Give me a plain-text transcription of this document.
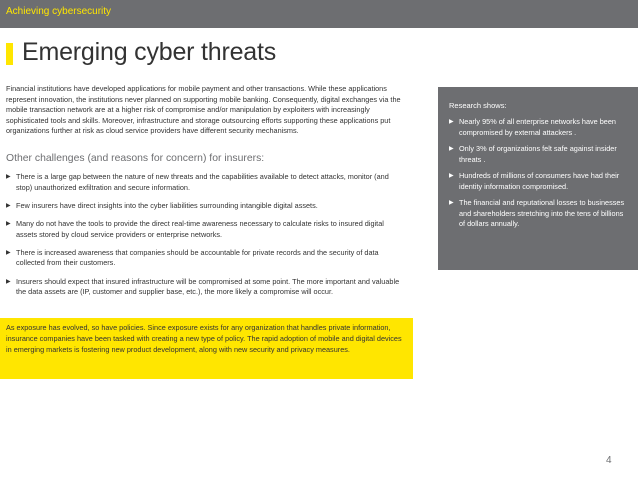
Achieving cybersecurity
Emerging cyber threats

Financial institutions have developed applications for mobile payment and other transactions. While these applications represent innovation, the institutions never planned on supporting mobile banking. Consequently, digital exchanges via the mobile transaction network are at a higher risk of compromise and/or manipulation by exploiters with increasingly sophisticated tools and skills. Moreover, infrastructure and storage outsourcing efforts supporting these applications put organizations further at risk as cloud service providers have different security mechanisms.

Other challenges (and reasons for concern) for insurers:
▶ There is a large gap between the nature of new threats and the capabilities available to detect attacks, monitor (and stop) unauthorized exfiltration and secure information.
▶ Few insurers have direct insights into the cyber liabilities surrounding intangible digital assets.
▶ Many do not have the tools to provide the direct real-time awareness necessary to calculate risks to insured digital assets stored by cloud service providers or enterprise networks.
▶ There is increased awareness that companies should be accountable for private records and the security of data collected from their customers.
▶ Insurers should expect that insured infrastructure will be compromised at some point. The more important and valuable the data assets are (IP, customer and supplier base, etc.), the more likely a compromise will occur.

As exposure has evolved, so have policies. Since exposure exists for any organization that handles private information, insurance companies have been tasked with creating a new type of policy. The rapid adoption of mobile and digital devices in emerging markets is fostering new product development, along with new security and privacy measures.

Research shows:
▶ Nearly 95% of all enterprise networks have been compromised by external attackers .
▶ Only 3% of organizations felt safe against insider threats .
▶ Hundreds of millions of consumers have had their identity information compromised.
▶ The financial and reputational losses to businesses and shareholders stretching into the tens of billions of dollars annually.
4
